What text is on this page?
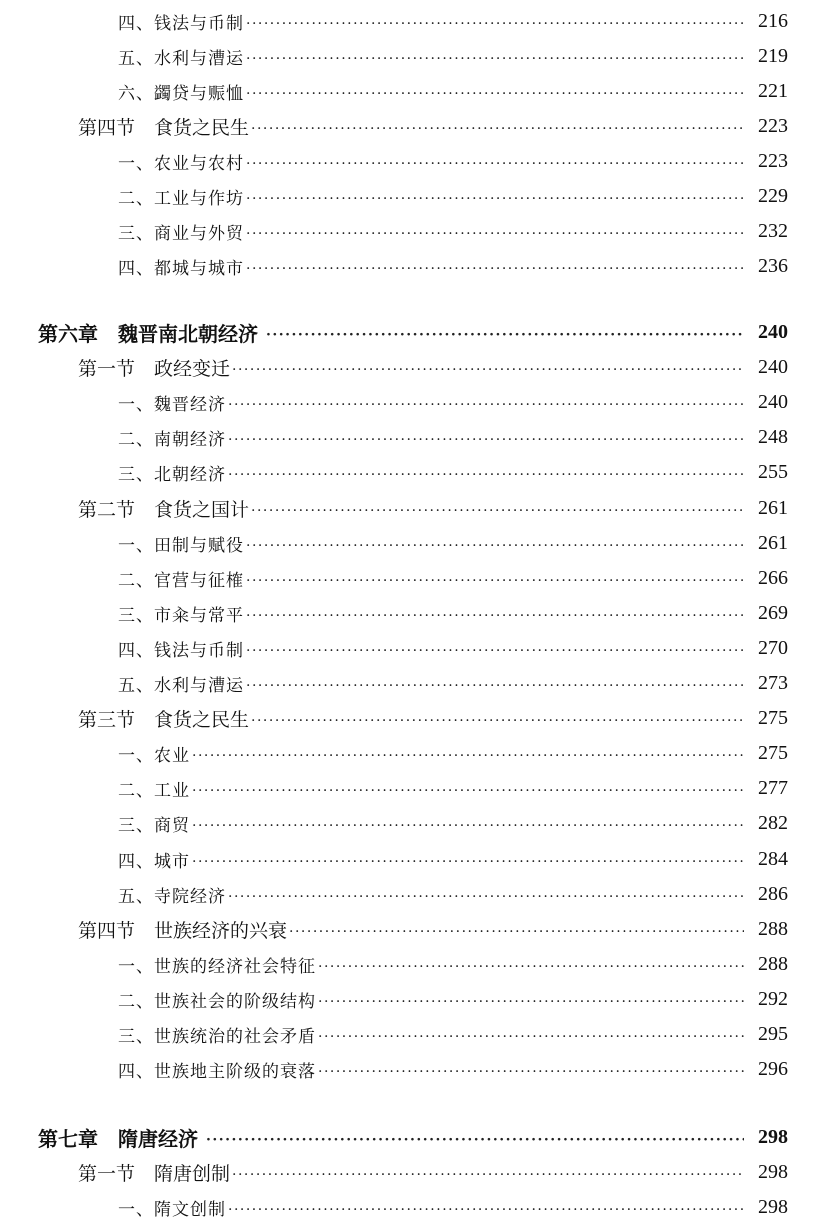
四、钱法与币制 ·····	216
五、水利与漕运 ·····	219
六、蠲贷与赈恤 ·····	221
第四节　食货之民生 ·····	223
一、农业与农村 ·····	223
二、工业与作坊 ·····	229
三、商业与外贸 ·····	232
四、都城与城市 ·····	236
第六章　魏晋南北朝经济 ·····	240
第一节　政经变迁 ·····	240
一、魏晋经济 ·····	240
二、南朝经济 ·····	248
三、北朝经济 ·····	255
第二节　食货之国计 ·····	261
一、田制与赋役 ·····	261
二、官营与征榷 ·····	266
三、市籴与常平 ·····	269
四、钱法与币制 ·····	270
五、水利与漕运 ·····	273
第三节　食货之民生 ·····	275
一、农业 ·····	275
二、工业 ·····	277
三、商贸 ·····	282
四、城市 ·····	284
五、寺院经济 ·····	286
第四节　世族经济的兴衰 ·····	288
一、世族的经济社会特征 ·····	288
二、世族社会的阶级结构 ·····	292
三、世族统治的社会矛盾 ·····	295
四、世族地主阶级的衰落 ·····	296
第七章　隋唐经济 ·····	298
第一节　隋唐创制 ·····	298
一、隋文创制 ·····	298
